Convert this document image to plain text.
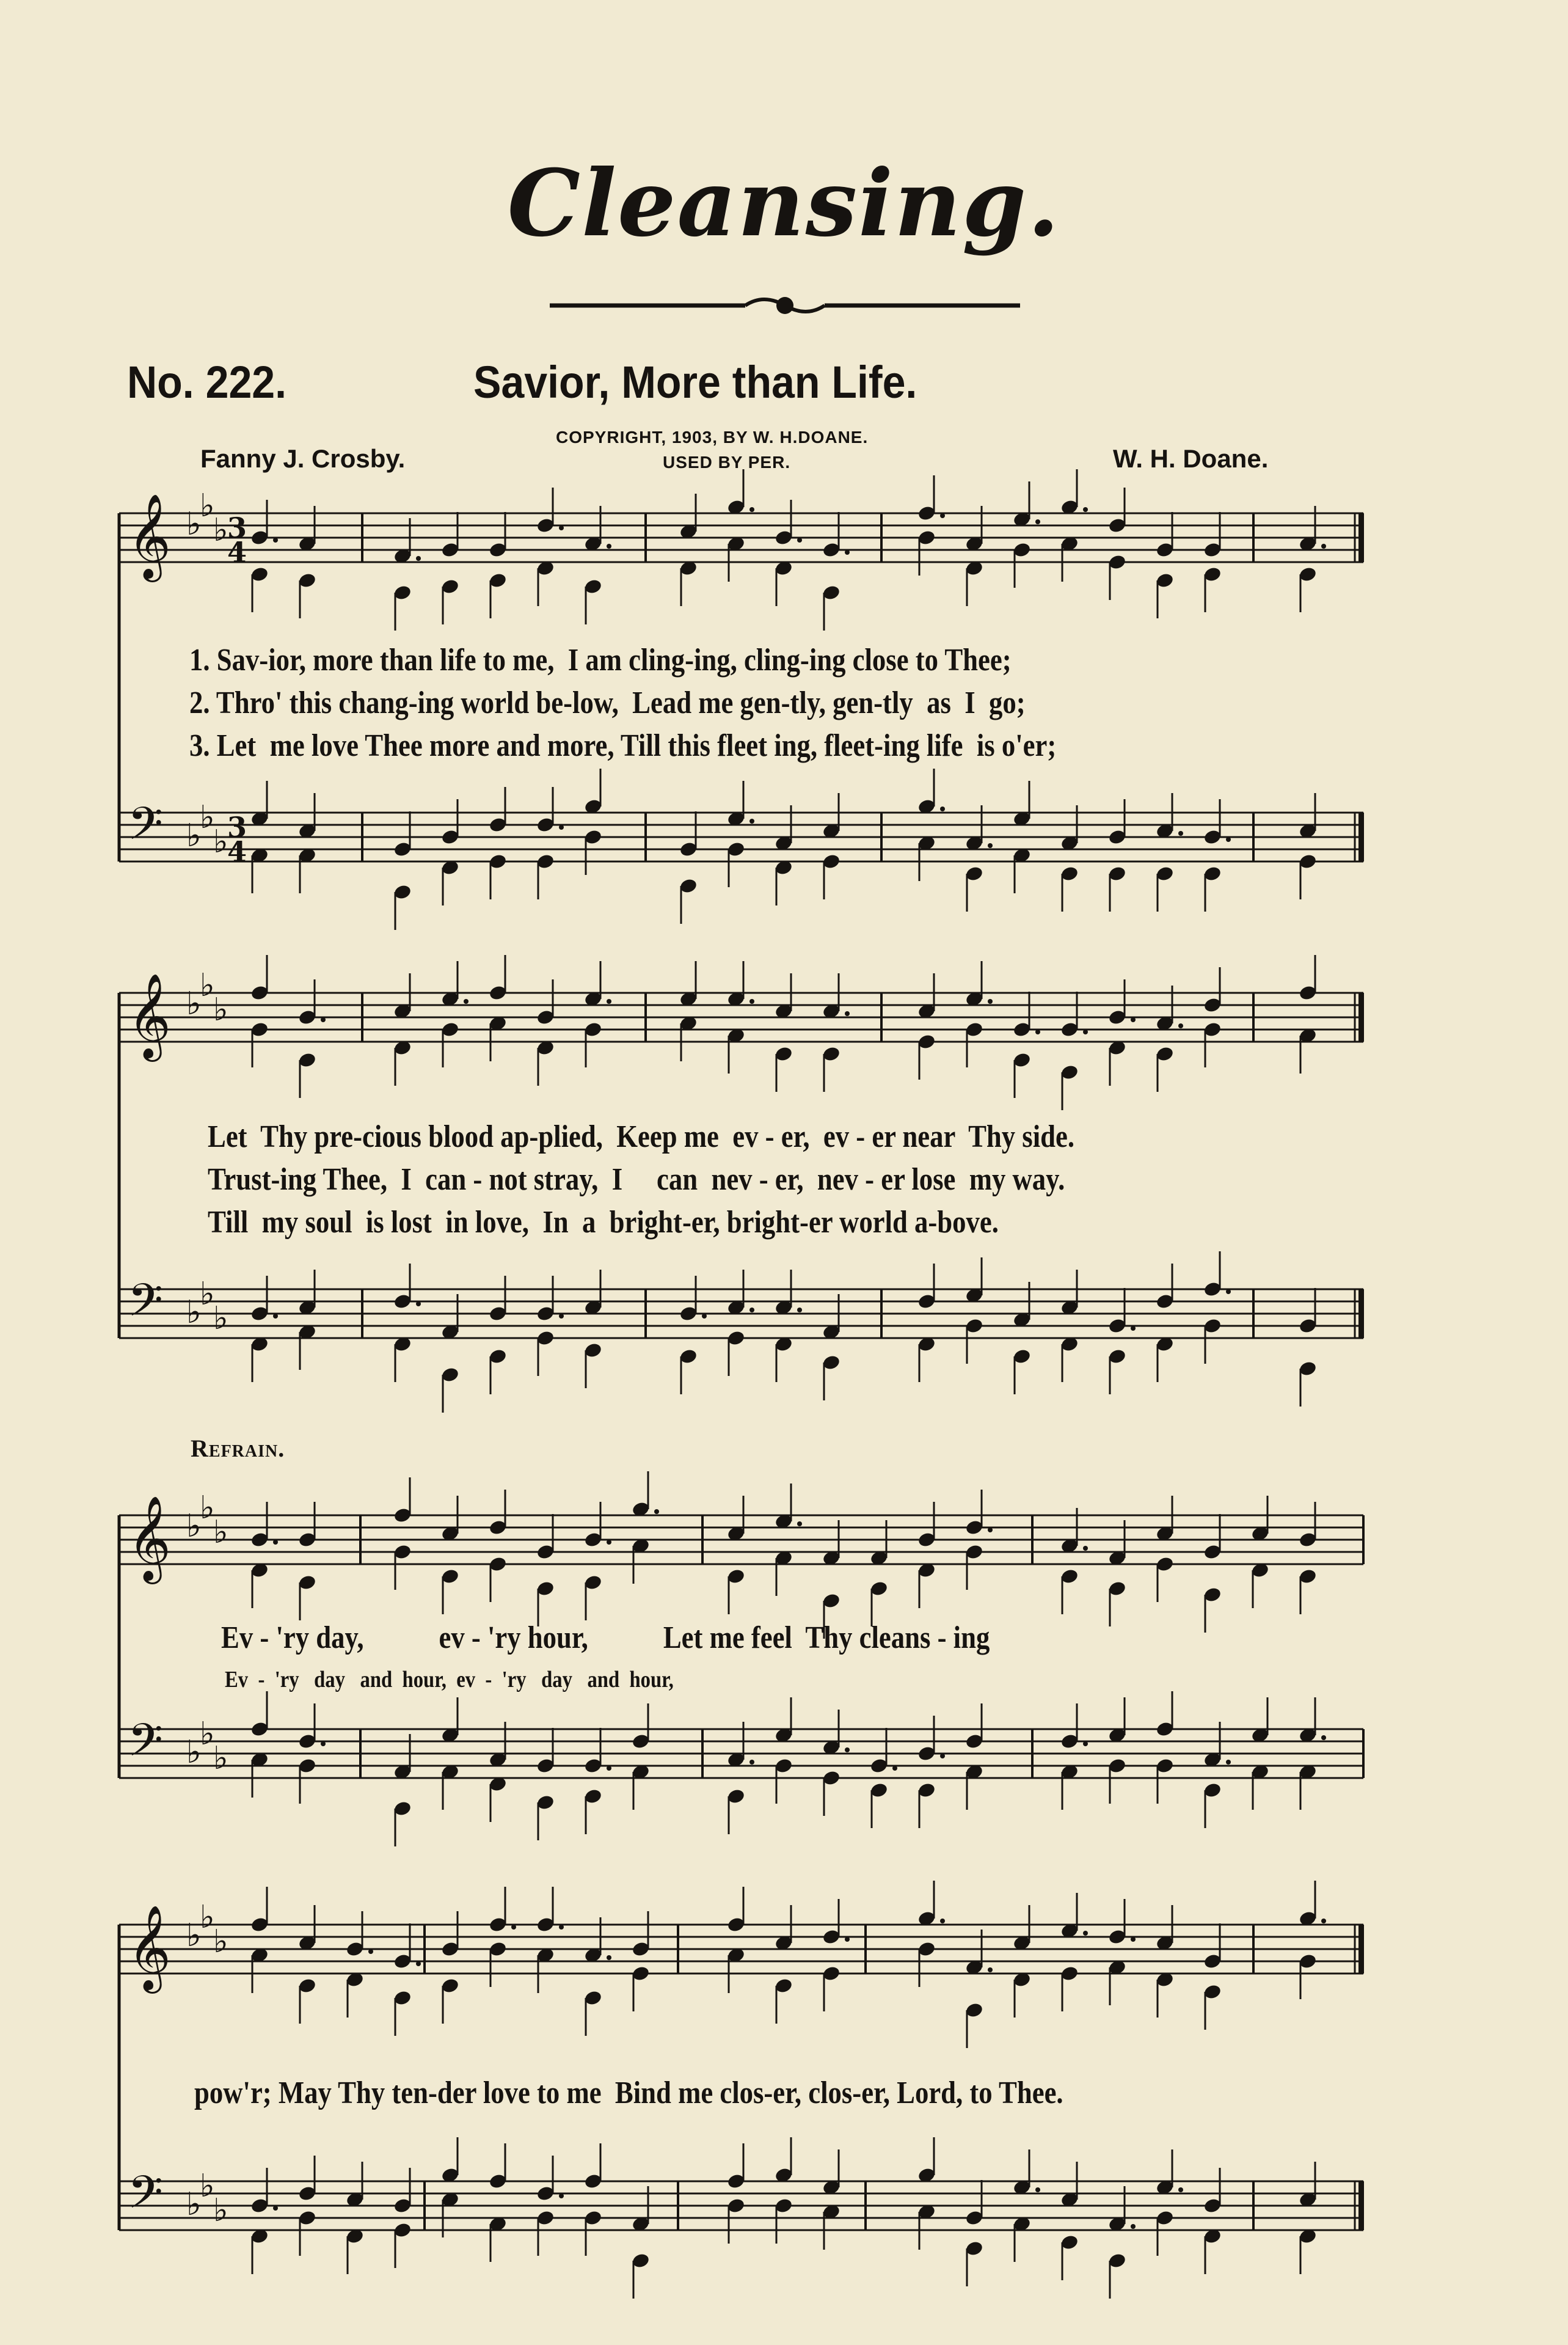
Cleansing.
No. 222.	Savior, More than Life.
COPYRIGHT, 1903, BY W. H.DOANE.
USED BY PER.
Fanny J. Crosby.	W. H. Doane.
𝄞 ♭
♭
♭
𝄢 ♭
♭
♭
𝄞 ♭
♭
♭
𝄢 ♭
♭
♭
𝄞 ♭
♭
♭
𝄢 ♭
♭
♭
𝄞 ♭
♭
♭
𝄢 ♭
♭
♭
3
4
3
4
1. Sav-ior, more than life to me,  I am cling-ing, cling-ing close to Thee;
2. Thro' this chang-ing world be-low,  Lead me gen-tly, gen-tly  as  I  go;
3. Let  me love Thee more and more, Till this fleet ing, fleet-ing life  is o'er;
Let  Thy pre-cious blood ap-plied,  Keep me  ev - er,  ev - er near  Thy side.
Trust-ing Thee,  I  can - not stray,  I     can  nev - er,  nev - er lose  my way.
Till  my soul  is lost  in love,  In  a  bright-er, bright-er world a-bove.
Refrain.
Ev - 'ry day,           ev - 'ry hour,           Let me feel  Thy cleans - ing
Ev  -  'ry   day   and  hour,  ev  -  'ry   day   and  hour,
pow'r; May Thy ten-der love to me  Bind me clos-er, clos-er, Lord, to Thee.
